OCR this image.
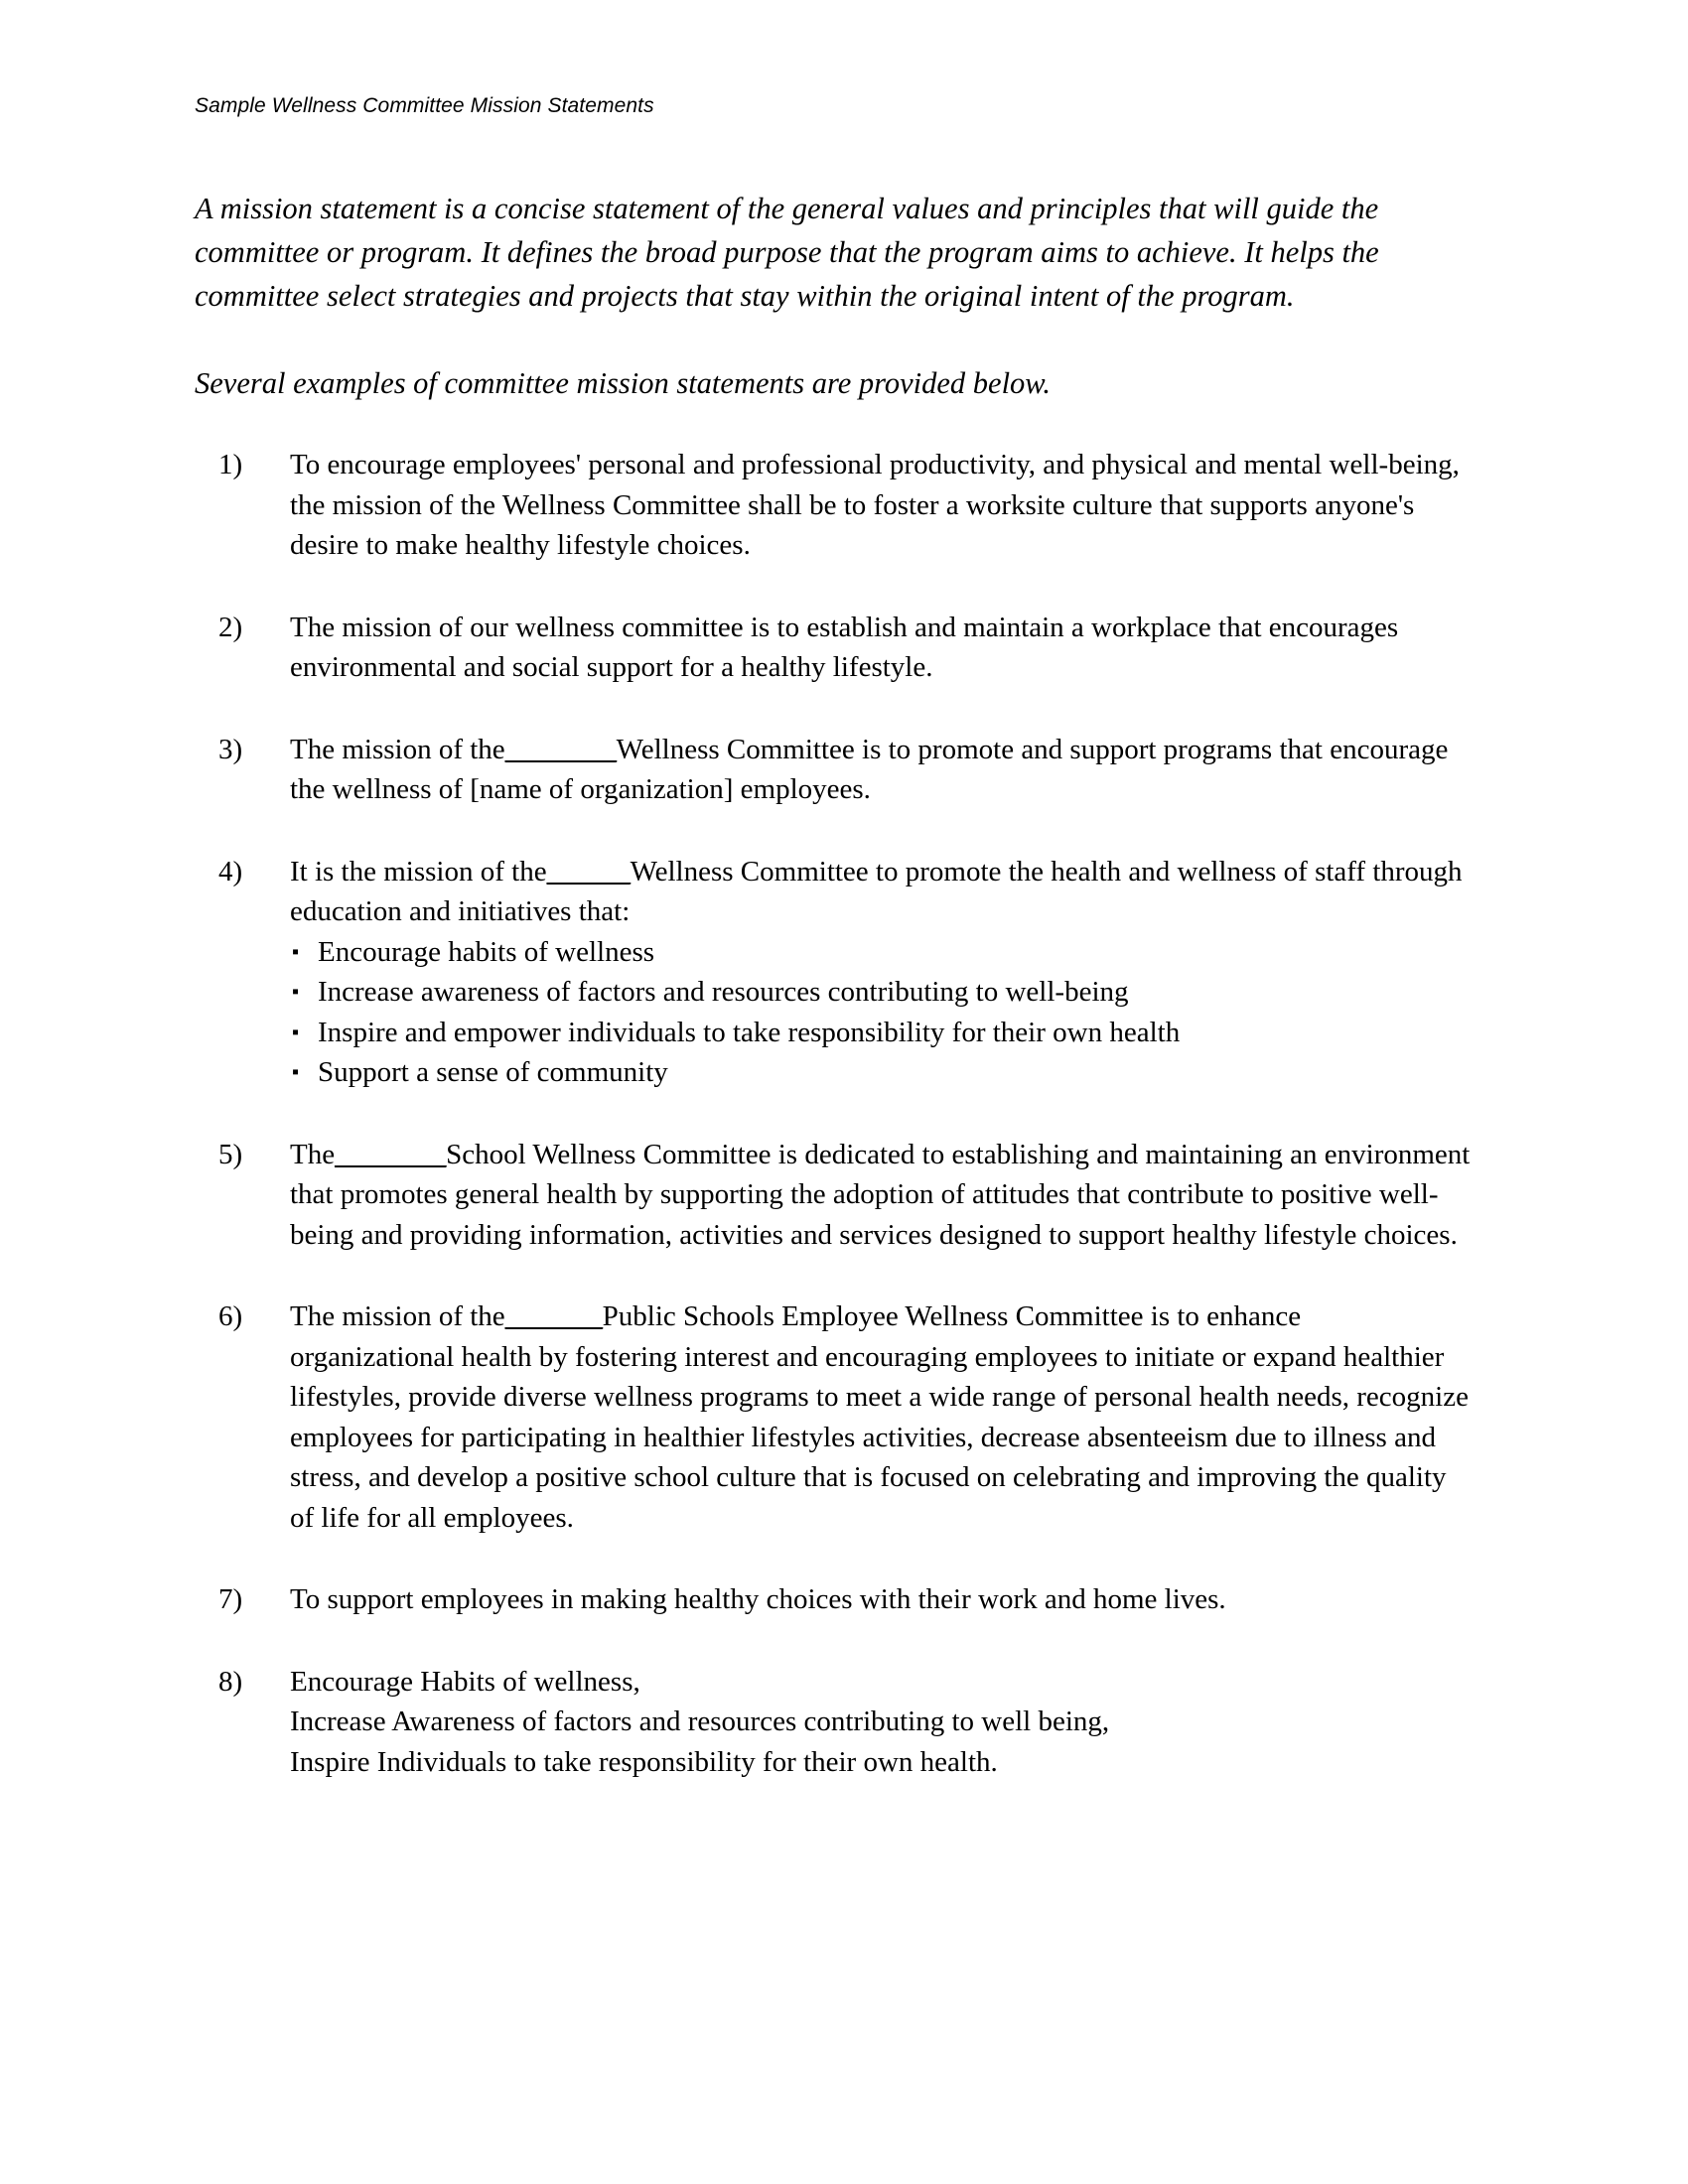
Sample Wellness Committee Mission Statements

A mission statement is a concise statement of the general values and principles that will guide the committee or program. It defines the broad purpose that the program aims to achieve. It helps the committee select strategies and projects that stay within the original intent of the program.

Several examples of committee mission statements are provided below.

1)	To encourage employees' personal and professional productivity, and physical and mental well-being, the mission of the Wellness Committee shall be to foster a worksite culture that supports anyone's desire to make healthy lifestyle choices.
2)	The mission of our wellness committee is to establish and maintain a workplace that encourages environmental and social support for a healthy lifestyle.
3)	The mission of the________Wellness Committee is to promote and support programs that encourage the wellness of [name of organization] employees.
4)	It is the mission of the______Wellness Committee to promote the health and wellness of staff through education and initiatives that:
▪ Encourage habits of wellness
▪ Increase awareness of factors and resources contributing to well-being
▪ Inspire and empower individuals to take responsibility for their own health
▪ Support a sense of community
5)	The________School Wellness Committee is dedicated to establishing and maintaining an environment that promotes general health by supporting the adoption of attitudes that contribute to positive well-being and providing information, activities and services designed to support healthy lifestyle choices.
6)	The mission of the_______Public Schools Employee Wellness Committee is to enhance organizational health by fostering interest and encouraging employees to initiate or expand healthier lifestyles, provide diverse wellness programs to meet a wide range of personal health needs, recognize employees for participating in healthier lifestyles activities, decrease absenteeism due to illness and stress, and develop a positive school culture that is focused on celebrating and improving the quality of life for all employees.
7)	To support employees in making healthy choices with their work and home lives.
8)	Encourage Habits of wellness,
Increase Awareness of factors and resources contributing to well being,
Inspire Individuals to take responsibility for their own health.
